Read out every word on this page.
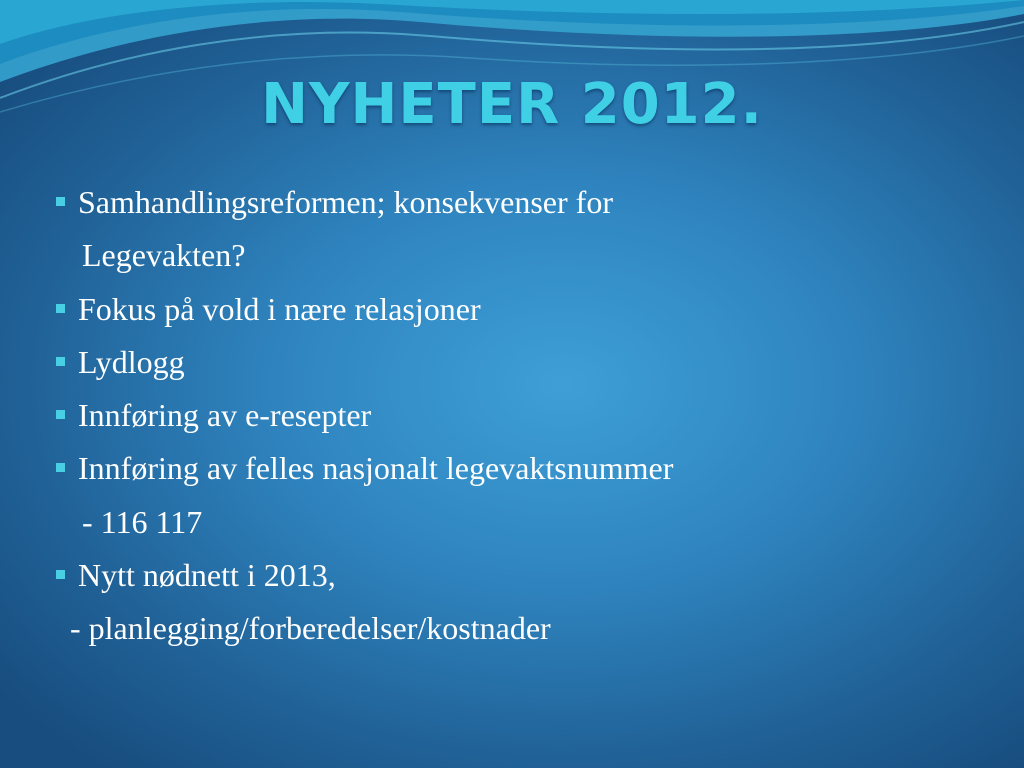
NYHETER 2012.
Samhandlingsreformen; konsekvenser for
Legevakten?
Fokus på vold i nære relasjoner
Lydlogg
Innføring av e-resepter
Innføring av felles nasjonalt legevaktsnummer
- 116 117
Nytt nødnett i 2013,
- planlegging/forberedelser/kostnader
